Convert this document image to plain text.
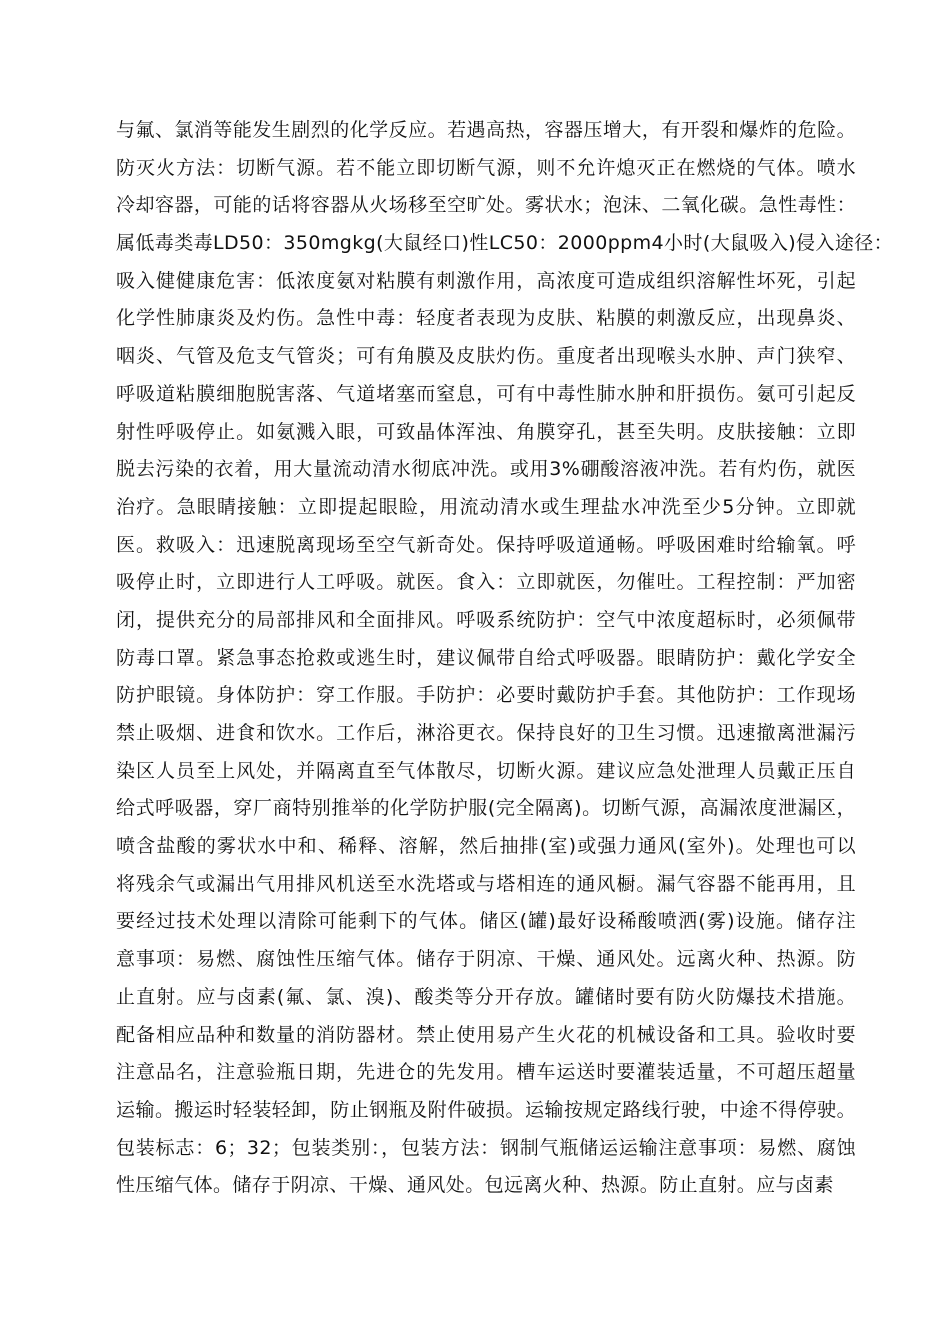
与氟、氯消等能发生剧烈的化学反应。若遇高热，容器压增大，有开裂和爆炸的危险。
防灭火方法：切断气源。若不能立即切断气源，则不允许熄灭正在燃烧的气体。喷水
冷却容器，可能的话将容器从火场移至空旷处。雾状水；泡沫、二氧化碳。急性毒性：
属低毒类毒LD50：350mgkg(大鼠经口)性LC50：2000ppm4小时(大鼠吸入)侵入途径：
吸入健健康危害：低浓度氨对粘膜有刺激作用，高浓度可造成组织溶解性坏死，引起
化学性肺康炎及灼伤。急性中毒：轻度者表现为皮肤、粘膜的刺激反应，出现鼻炎、
咽炎、气管及危支气管炎；可有角膜及皮肤灼伤。重度者出现喉头水肿、声门狭窄、
呼吸道粘膜细胞脱害落、气道堵塞而窒息，可有中毒性肺水肿和肝损伤。氨可引起反
射性呼吸停止。如氨溅入眼，可致晶体浑浊、角膜穿孔，甚至失明。皮肤接触：立即
脱去污染的衣着，用大量流动清水彻底冲洗。或用3%硼酸溶液冲洗。若有灼伤，就医
治疗。急眼睛接触：立即提起眼睑，用流动清水或生理盐水冲洗至少5分钟。立即就
医。救吸入：迅速脱离现场至空气新奇处。保持呼吸道通畅。呼吸困难时给输氧。呼
吸停止时，立即进行人工呼吸。就医。食入：立即就医，勿催吐。工程控制：严加密
闭，提供充分的局部排风和全面排风。呼吸系统防护：空气中浓度超标时，必须佩带
防毒口罩。紧急事态抢救或逃生时，建议佩带自给式呼吸器。眼睛防护：戴化学安全
防护眼镜。身体防护：穿工作服。手防护：必要时戴防护手套。其他防护：工作现场
禁止吸烟、进食和饮水。工作后，淋浴更衣。保持良好的卫生习惯。迅速撤离泄漏污
染区人员至上风处，并隔离直至气体散尽，切断火源。建议应急处泄理人员戴正压自
给式呼吸器，穿厂商特别推举的化学防护服(完全隔离)。切断气源，高漏浓度泄漏区，
喷含盐酸的雾状水中和、稀释、溶解，然后抽排(室)或强力通风(室外)。处理也可以
将残余气或漏出气用排风机送至水洗塔或与塔相连的通风橱。漏气容器不能再用，且
要经过技术处理以清除可能剩下的气体。储区(罐)最好设稀酸喷洒(雾)设施。储存注
意事项：易燃、腐蚀性压缩气体。储存于阴凉、干燥、通风处。远离火种、热源。防
止直射。应与卤素(氟、氯、溴)、酸类等分开存放。罐储时要有防火防爆技术措施。
配备相应品种和数量的消防器材。禁止使用易产生火花的机械设备和工具。验收时要
注意品名，注意验瓶日期，先进仓的先发用。槽车运送时要灌装适量，不可超压超量
运输。搬运时轻装轻卸，防止钢瓶及附件破损。运输按规定路线行驶，中途不得停驶。
包装标志：6；32；包装类别：，包装方法：钢制气瓶储运运输注意事项：易燃、腐蚀
性压缩气体。储存于阴凉、干燥、通风处。包远离火种、热源。防止直射。应与卤素
